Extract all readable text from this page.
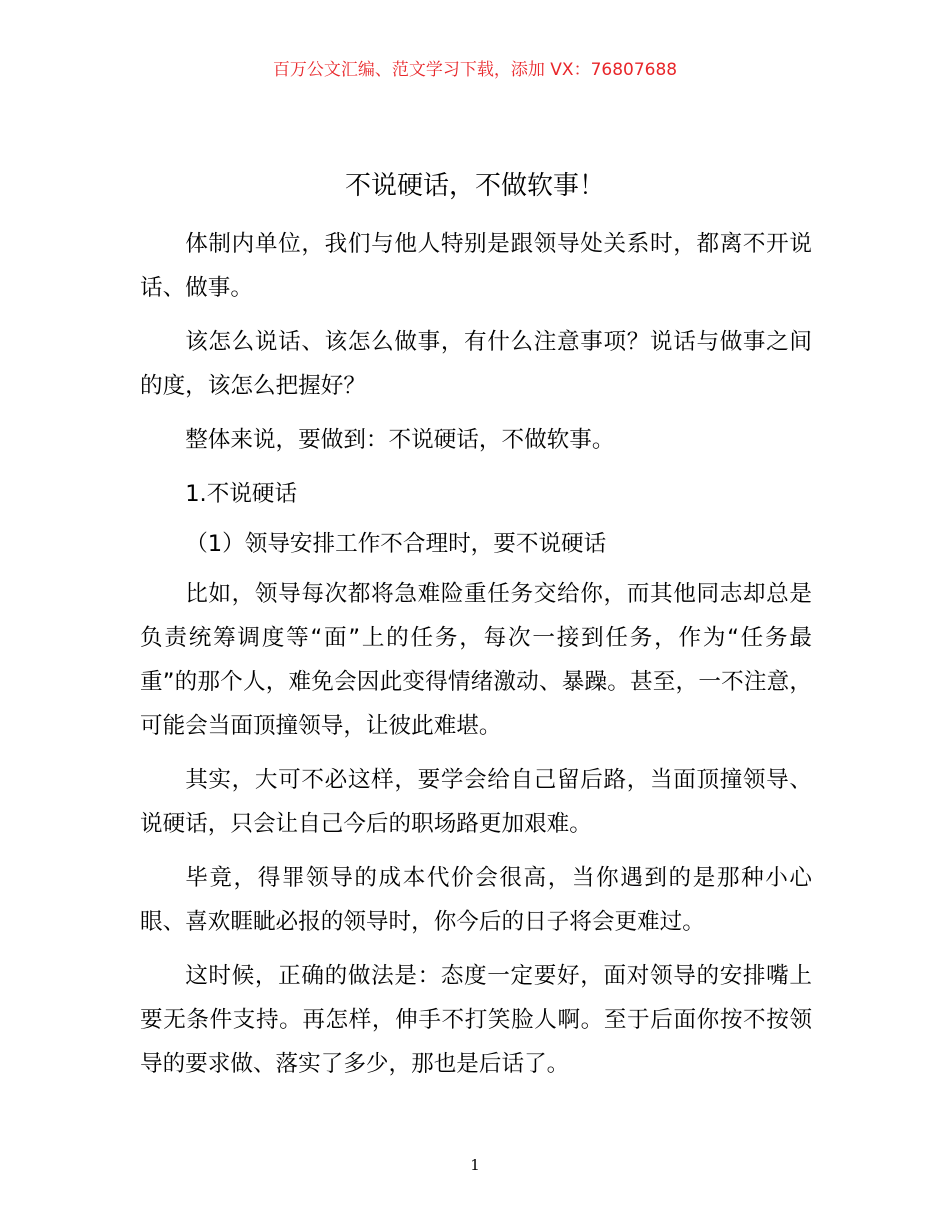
百万公文汇编、范文学习下载，添加 VX：76807688
不说硬话，不做软事！

体制内单位，我们与他人特别是跟领导处关系时，都离不开说话、做事。

该怎么说话、该怎么做事，有什么注意事项？说话与做事之间的度，该怎么把握好？

整体来说，要做到：不说硬话，不做软事。

1.不说硬话

（1）领导安排工作不合理时，要不说硬话

比如，领导每次都将急难险重任务交给你，而其他同志却总是负责统筹调度等“面”上的任务，每次一接到任务，作为“任务最重”的那个人，难免会因此变得情绪激动、暴躁。甚至，一不注意，可能会当面顶撞领导，让彼此难堪。

其实，大可不必这样，要学会给自己留后路，当面顶撞领导、说硬话，只会让自己今后的职场路更加艰难。

毕竟，得罪领导的成本代价会很高，当你遇到的是那种小心眼、喜欢睚眦必报的领导时，你今后的日子将会更难过。

这时候，正确的做法是：态度一定要好，面对领导的安排嘴上要无条件支持。再怎样，伸手不打笑脸人啊。至于后面你按不按领导的要求做、落实了多少，那也是后话了。

1
